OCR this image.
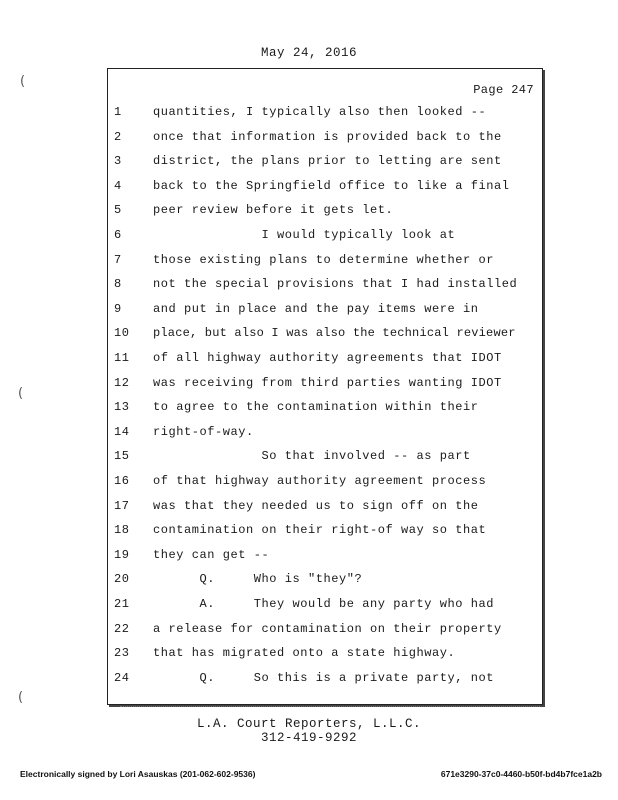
May 24, 2016
Page 247
1	quantities, I typically also then looked --
2	once that information is provided back to the
3	district, the plans prior to letting are sent
4	back to the Springfield office to like a final
5	peer review before it gets let.
6	I would typically look at
7	those existing plans to determine whether or
8	not the special provisions that I had installed
9	and put in place and the pay items were in
10	place, but also I was also the technical reviewer
11	of all highway authority agreements that IDOT
12	was receiving from third parties wanting IDOT
13	to agree to the contamination within their
14	right-of-way.
15	So that involved -- as part
16	of that highway authority agreement process
17	was that they needed us to sign off on the
18	contamination on their right-of way so that
19	they can get --
20	Q.     Who is "they"?
21	A.     They would be any party who had
22	a release for contamination on their property
23	that has migrated onto a state highway.
24	Q.     So this is a private party, not
(
(
(
L.A. Court Reporters, L.L.C.
312-419-9292
Electronically signed by Lori Asauskas (201-062-602-9536)	671e3290-37c0-4460-b50f-bd4b7fce1a2b
